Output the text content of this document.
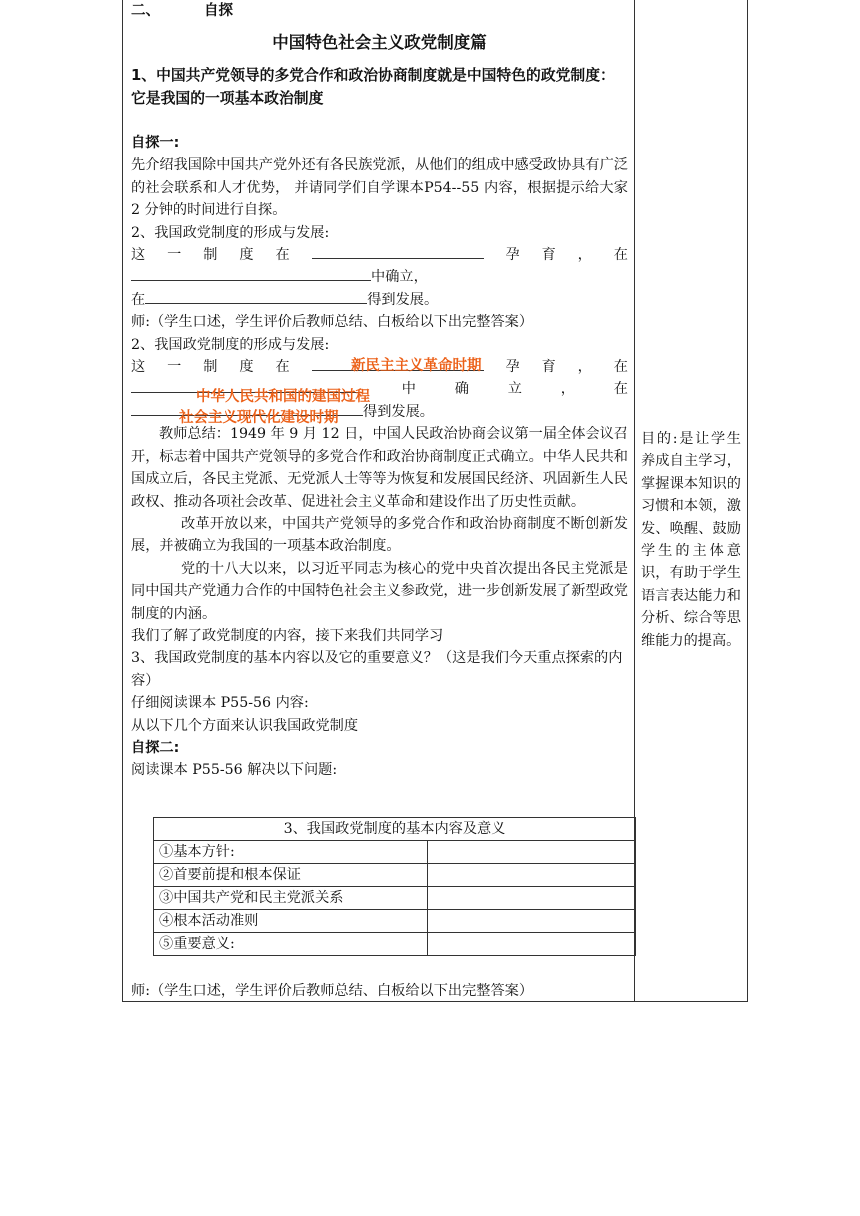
二、	自探
中国特色社会主义政党制度篇

1、中国共产党领导的多党合作和政治协商制度就是中国特色的政党制度：它是我国的一项基本政治制度

自探一:

先介绍我国除中国共产党外还有各民族党派，从他们的组成中感受政协具有广泛的社会联系和人才优势， 并请同学们自学课本P54--55 内容，根据提示给大家 2 分钟的时间进行自探。

2、我国政党制度的形成与发展:

这 一 制 度 在	孕 育 ， 在

中确立，

在	得到发展。

师:（学生口述，学生评价后教师总结、白板给以下出完整答案）

2、我国政党制度的形成与发展:

这 一 制 度 在	孕 育 ， 在
中	确	立	，	在

得到发展。

教师总结：1949 年 9 月 12 日，中国人民政治协商会议第一届全体会议召开，标志着中国共产党领导的多党合作和政治协商制度正式确立。中华人民共和国成立后，各民主党派、无党派人士等等为恢复和发展国民经济、巩固新生人民政权、推动各项社会改革、促进社会主义革命和建设作出了历史性贡献。

改革开放以来，中国共产党领导的多党合作和政治协商制度不断创新发展，并被确立为我国的一项基本政治制度。

党的十八大以来，以习近平同志为核心的党中央首次提出各民主党派是同中国共产党通力合作的中国特色社会主义参政党，进一步创新发展了新型政党制度的内涵。

我们了解了政党制度的内容，接下来我们共同学习

3、我国政党制度的基本内容以及它的重要意义？（这是我们今天重点探索的内容）

仔细阅读课本 P55-56 内容:

从以下几个方面来认识我国政党制度

自探二:

阅读课本 P55-56 解决以下问题:

3、我国政党制度的基本内容及意义	
①基本方针:	
②首要前提和根本保证	
③中国共产党和民主党派关系	
④根本活动准则	
⑤重要意义:	
师:（学生口述，学生评价后教师总结、白板给以下出完整答案）
目的:是让学生养成自主学习，掌握课本知识的习惯和本领，激发、唤醒、鼓励学生的主体意识，有助于学生语言表达能力和分析、综合等思维能力的提高。
新民主主义革命时期
中华人民共和国的建国过程
社会主义现代化建设时期
